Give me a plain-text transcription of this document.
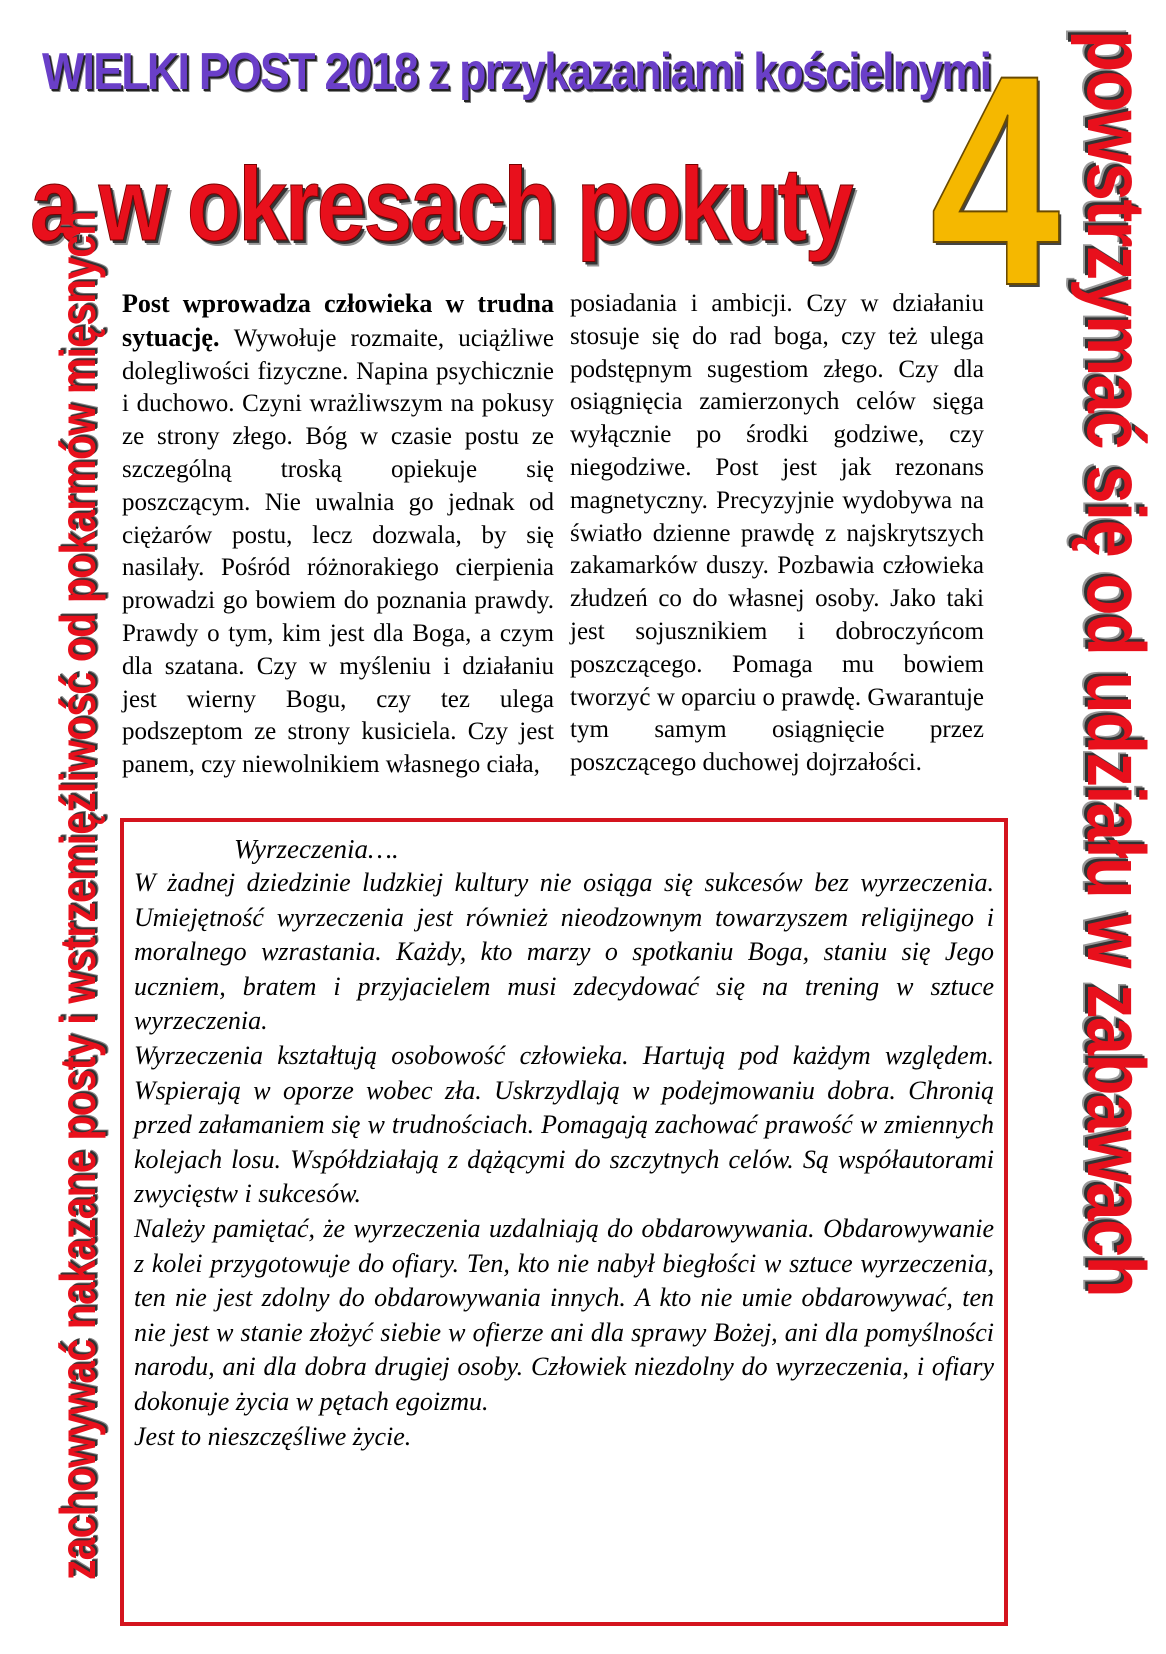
WIELKI POST 2018 z przykazaniami kościelnymi
a w okresach pokuty 4
zachowywać nakazane posty i wstrzemięźliwość od pokarmów mięsnych	powstrzymać się od udziału w zabawach
Post wprowadza człowieka w trudna sytuację. Wywołuje rozmaite, uciążliwe dolegliwości fizyczne. Napina psychicznie i duchowo. Czyni wrażliwszym na pokusy ze strony złego. Bóg w czasie postu ze szczególną troską opiekuje się poszczącym. Nie uwalnia go jednak od ciężarów postu, lecz dozwala, by się nasilały. Pośród różnorakiego cierpienia prowadzi go bowiem do poznania prawdy. Prawdy o tym, kim jest dla Boga, a czym dla szatana. Czy w myśleniu i działaniu jest wierny Bogu, czy tez ulega podszeptom ze strony kusiciela. Czy jest panem, czy niewolnikiem własnego ciała,
posiadania i ambicji. Czy w działaniu stosuje się do rad boga, czy też ulega podstępnym sugestiom złego. Czy dla osiągnięcia zamierzonych celów sięga wyłącznie po środki godziwe, czy niegodziwe. Post jest jak rezonans magnetyczny. Precyzyjnie wydobywa na światło dzienne prawdę z najskrytszych zakamarków duszy. Pozbawia człowieka złudzeń co do własnej osoby. Jako taki jest sojusznikiem i dobroczyńcom poszczącego. Pomaga mu bowiem tworzyć w oparciu o prawdę. Gwarantuje tym samym osiągnięcie przez poszczącego duchowej dojrzałości.
Wyrzeczenia….

W żadnej dziedzinie ludzkiej kultury nie osiąga się sukcesów bez wyrzeczenia. Umiejętność wyrzeczenia jest również nieodzownym towarzyszem religijnego i moralnego wzrastania. Każdy, kto marzy o spotkaniu Boga, staniu się Jego uczniem, bratem i przyjacielem musi zdecydować się na trening w sztuce wyrzeczenia.

Wyrzeczenia kształtują osobowość człowieka. Hartują pod każdym względem. Wspierają w oporze wobec zła. Uskrzydlają w podejmowaniu dobra. Chronią przed załamaniem się w trudnościach. Pomagają zachować prawość w zmiennych kolejach losu. Współdziałają z dążącymi do szczytnych celów. Są współautorami zwycięstw i sukcesów.

Należy pamiętać, że wyrzeczenia uzdalniają do obdarowywania. Obdarowywanie z kolei przygotowuje do ofiary. Ten, kto nie nabył biegłości w sztuce wyrzeczenia, ten nie jest zdolny do obdarowywania innych. A kto nie umie obdarowywać, ten nie jest w stanie złożyć siebie w ofierze ani dla sprawy Bożej, ani dla pomyślności narodu, ani dla dobra drugiej osoby. Człowiek niezdolny do wyrzeczenia, i ofiary dokonuje życia w pętach egoizmu.

Jest to nieszczęśliwe życie.
